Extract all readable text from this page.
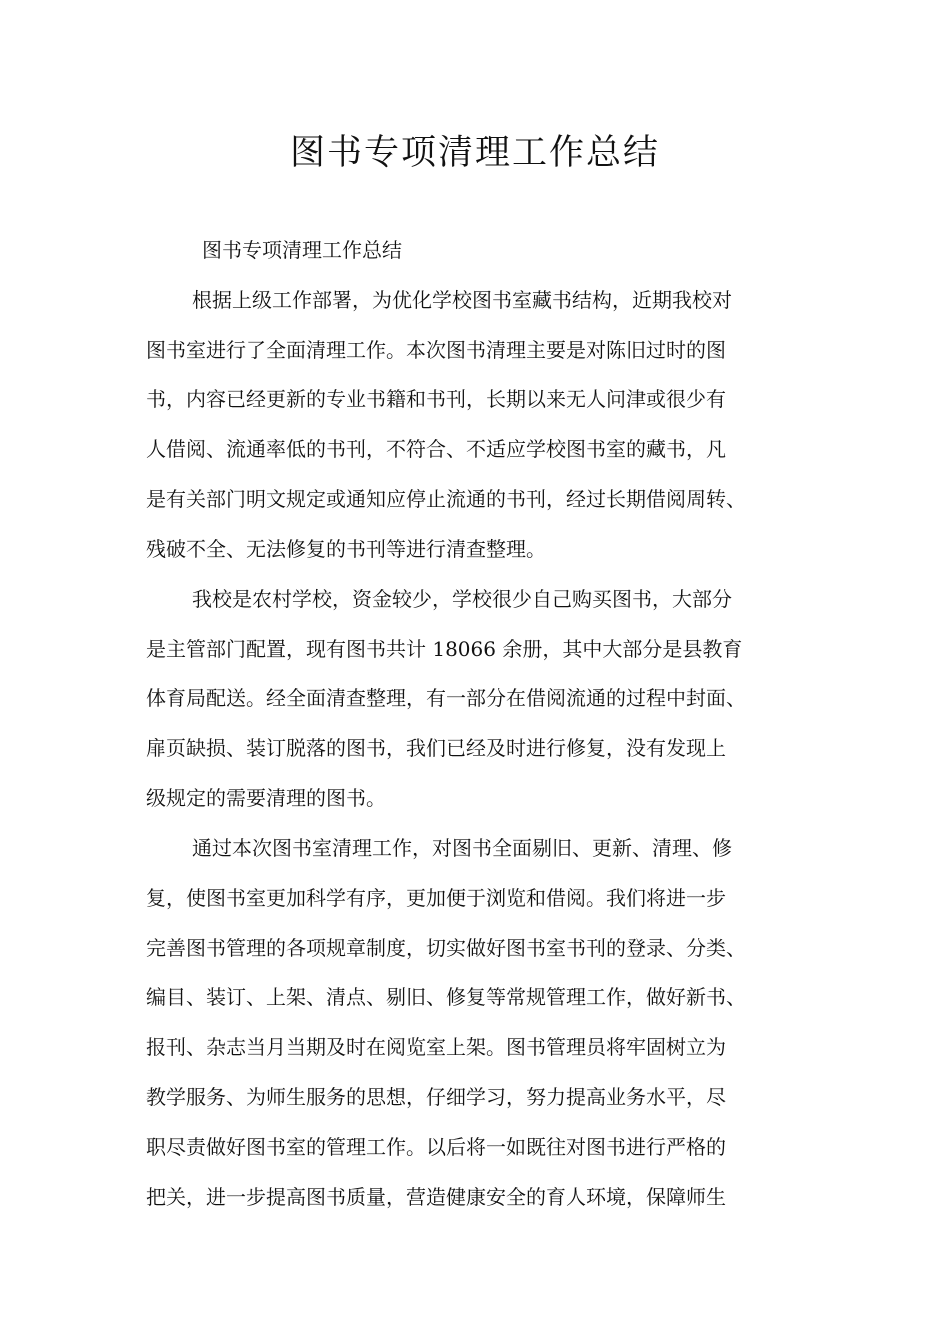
图书专项清理工作总结

图书专项清理工作总结

根据上级工作部署，为优化学校图书室藏书结构，近期我校对

图书室进行了全面清理工作。本次图书清理主要是对陈旧过时的图

书，内容已经更新的专业书籍和书刊，长期以来无人问津或很少有

人借阅、流通率低的书刊，不符合、不适应学校图书室的藏书，凡

是有关部门明文规定或通知应停止流通的书刊，经过长期借阅周转、

残破不全、无法修复的书刊等进行清查整理。

我校是农村学校，资金较少，学校很少自己购买图书，大部分

是主管部门配置，现有图书共计 18066 余册，其中大部分是县教育

体育局配送。经全面清查整理，有一部分在借阅流通的过程中封面、

扉页缺损、装订脱落的图书，我们已经及时进行修复，没有发现上

级规定的需要清理的图书。

通过本次图书室清理工作，对图书全面剔旧、更新、清理、修

复，使图书室更加科学有序，更加便于浏览和借阅。我们将进一步

完善图书管理的各项规章制度，切实做好图书室书刊的登录、分类、

编目、装订、上架、清点、剔旧、修复等常规管理工作，做好新书、

报刊、杂志当月当期及时在阅览室上架。图书管理员将牢固树立为

教学服务、为师生服务的思想，仔细学习，努力提高业务水平，尽

职尽责做好图书室的管理工作。以后将一如既往对图书进行严格的

把关，进一步提高图书质量，营造健康安全的育人环境，保障师生
